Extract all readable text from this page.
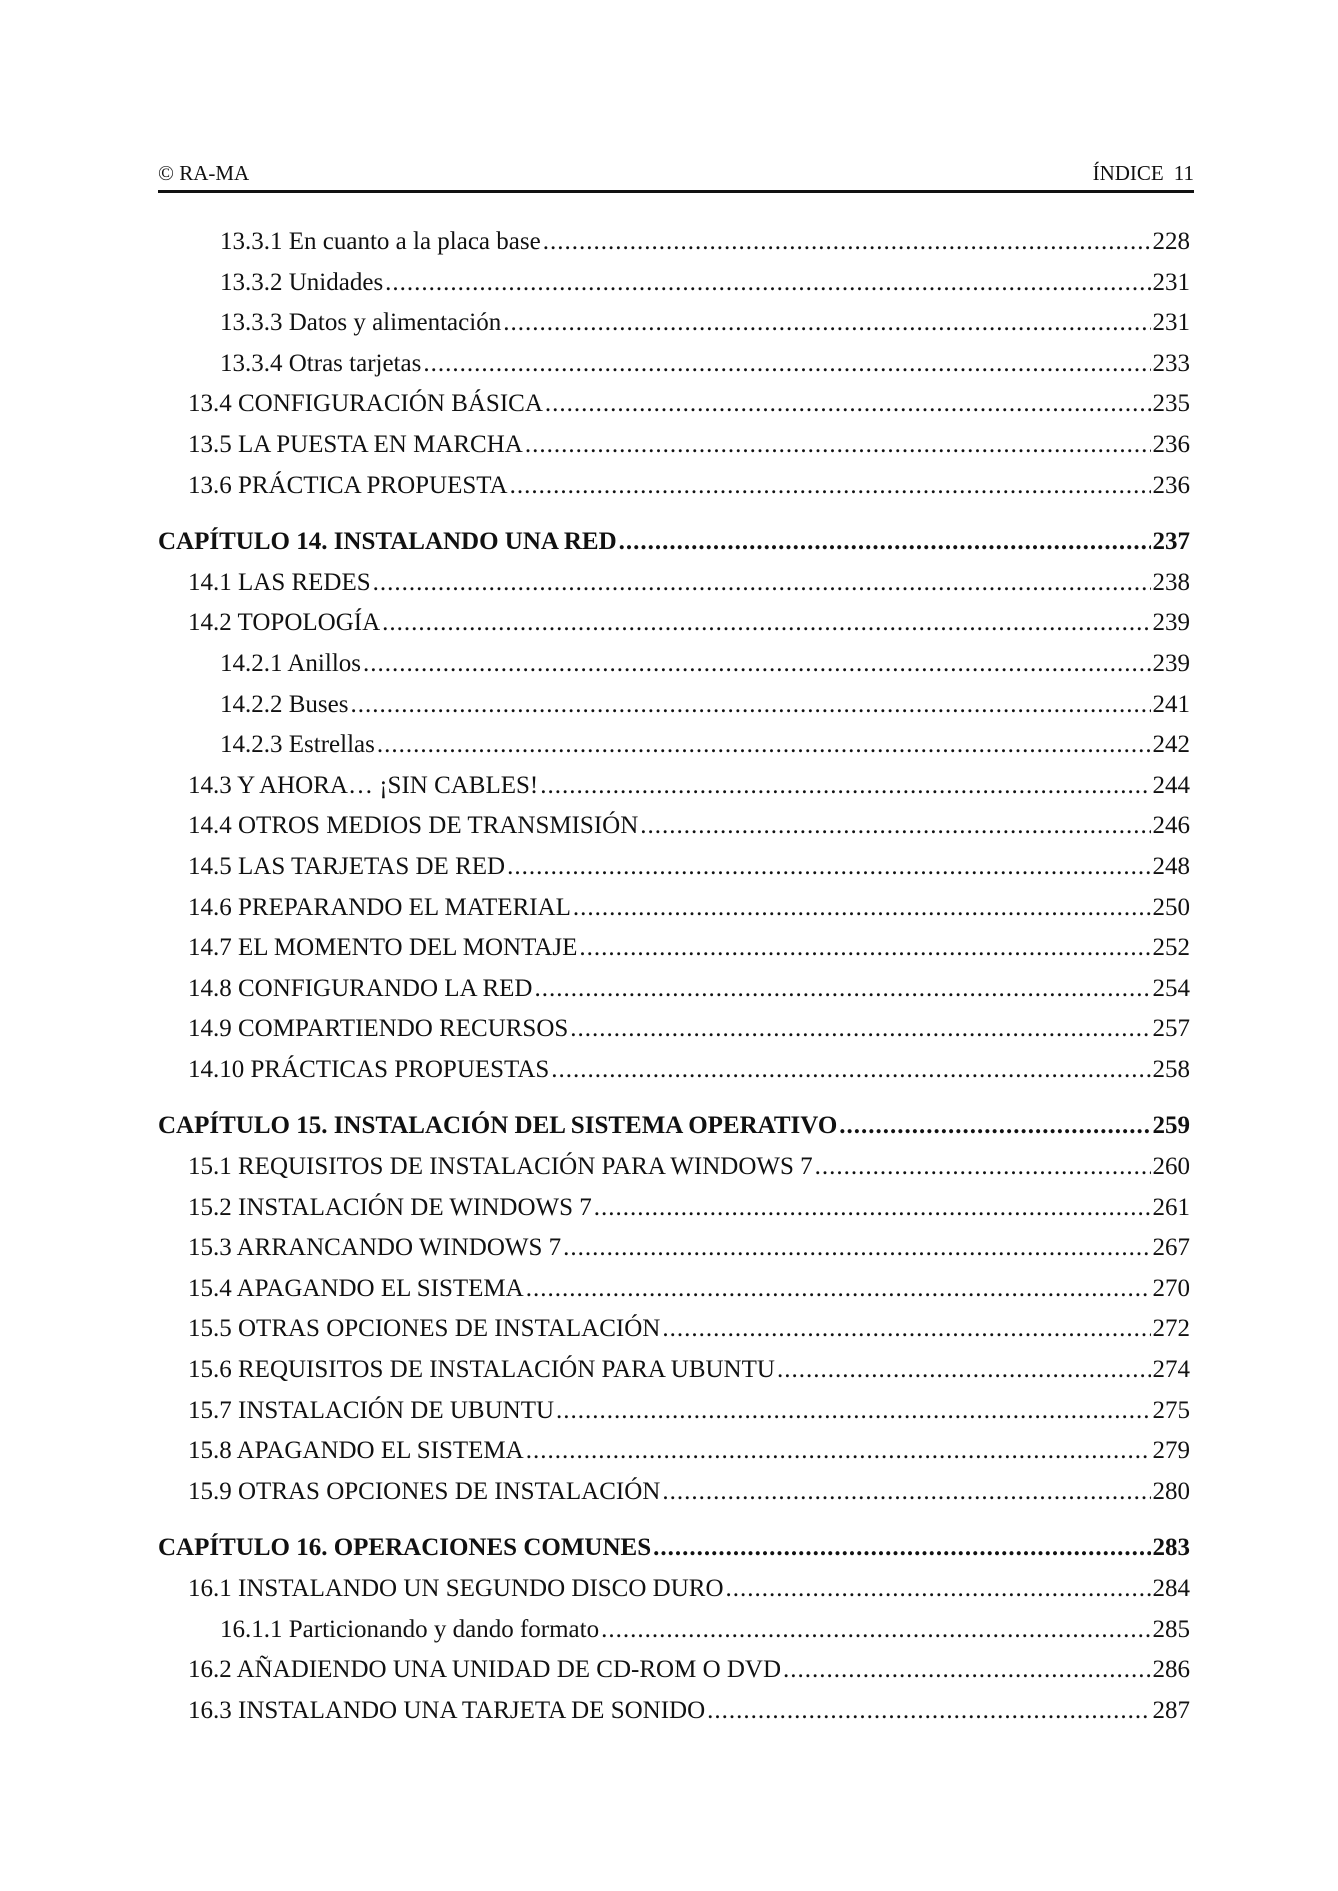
© RA-MA	ÍNDICE 11
13.3.1 En cuanto a la placa base .....	228
13.3.2 Unidades .....	231
13.3.3 Datos y alimentación .....	231
13.3.4 Otras tarjetas .....	233
13.4 CONFIGURACIÓN BÁSICA .....	235
13.5 LA PUESTA EN MARCHA .....	236
13.6 PRÁCTICA PROPUESTA .....	236
CAPÍTULO 14. INSTALANDO UNA RED .....	237
14.1 LAS REDES .....	238
14.2 TOPOLOGÍA .....	239
14.2.1 Anillos .....	239
14.2.2 Buses .....	241
14.2.3 Estrellas .....	242
14.3 Y AHORA… ¡SIN CABLES! .....	244
14.4 OTROS MEDIOS DE TRANSMISIÓN .....	246
14.5 LAS TARJETAS DE RED .....	248
14.6 PREPARANDO EL MATERIAL .....	250
14.7 EL MOMENTO DEL MONTAJE .....	252
14.8 CONFIGURANDO LA RED .....	254
14.9 COMPARTIENDO RECURSOS .....	257
14.10 PRÁCTICAS PROPUESTAS .....	258
CAPÍTULO 15. INSTALACIÓN DEL SISTEMA OPERATIVO .....	259
15.1 REQUISITOS DE INSTALACIÓN PARA WINDOWS 7 .....	260
15.2 INSTALACIÓN DE WINDOWS 7 .....	261
15.3 ARRANCANDO WINDOWS 7 .....	267
15.4 APAGANDO EL SISTEMA .....	270
15.5 OTRAS OPCIONES DE INSTALACIÓN .....	272
15.6 REQUISITOS DE INSTALACIÓN PARA UBUNTU .....	274
15.7 INSTALACIÓN DE UBUNTU .....	275
15.8 APAGANDO EL SISTEMA .....	279
15.9 OTRAS OPCIONES DE INSTALACIÓN .....	280
CAPÍTULO 16. OPERACIONES COMUNES .....	283
16.1 INSTALANDO UN SEGUNDO DISCO DURO .....	284
16.1.1 Particionando y dando formato .....	285
16.2 AÑADIENDO UNA UNIDAD DE CD-ROM O DVD .....	286
16.3 INSTALANDO UNA TARJETA DE SONIDO .....	287
